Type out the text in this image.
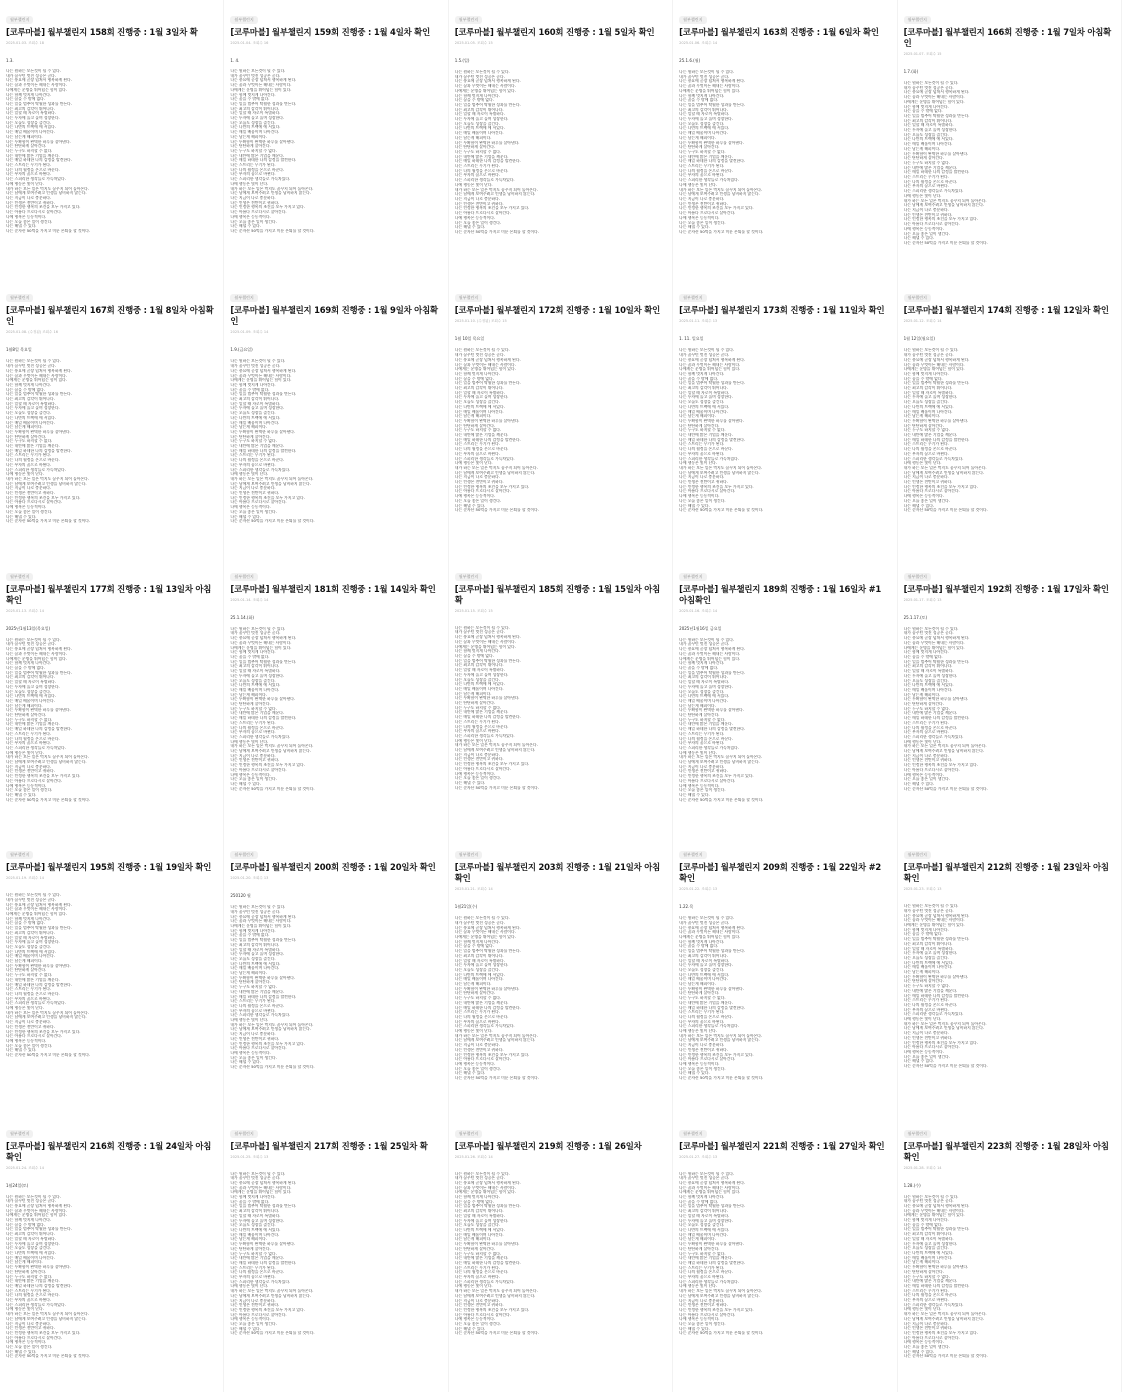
월부챌린지
[코루마블] 월부챌린지 158회 진행중 : 1월 3일차 확
2025.01.03. 조회수 18
1.3.
나는 원하는 모든것이 될 수 있다.
내가 꿈꾸던 멋진 성공은 곧다.
나는 풍요에 곧장 넘쳐서 행복하게 된다.
나는 꿈과 무엇이든 해내는 사람이다.
나에게는 운명을 뛰어넘는 힘이 있다.
나는 함께 멋지게 나아간다.
나는 꿈을 수 밖에 없다.
나는 일을 멈추어 탁월한 성과를 만든다.
나는 최고의 감각이 뛰어나다.
나는 일할 때 자로이 특별하다.
나는 투자에 놀고 놀며 성장한다.
나는 오늘도 성장을 즐긴다.
나는 나만의 트랙에 에 서있다.
나는 매일 배움이며 나아간다.
나는 남는게 해피이다.
나는 투확함이 완벽한 하루를 살아낸다.
나는 단단하게 살아간다.
나는 누구도 하지할 수 없다.
나는 내안에 많은 기업을 깨운다.
나는 매일 하데한 나의 감정을 발견한다.
나는 스트리는 무기가 된다.
나는 나의 월정을 온으로 바꾼다.
나는 부자의 꿈으로 바뀐다.
나는 스피리한 생각들로 가득차있다.
나에 행동은 빛이 난다.
내가 하는 모든 일은 먹지도 꿈꾸지 되어 돌아온다.
나는 남에게 보여주려고 인생을 낭비하지 않는다.
나는 지금이 나로 충분하다.
나는 인생은 전반이고 귀하다.
나는 인정한 행복의 조건을 모두 가지고 있다.
나는 아름다 프로다시로 살아간다.
나에 행복은 능동적이다.
나는 오늘 좋은 일이 생긴다.
나는 해낼 수 있다.
나는 순자산 50억을 가지고 미룬 은퇴를 할 것이다.
월부챌린지
[코루마블] 월부챌린지 159회 진행중 : 1월 4일차 확인
2025.01.04. 조회수 16
1. 4.
나는 원하는 모든것이 될 수 있다.
내가 꿈꾸던 멋진 성공은 곧다.
나는 풍요에 곧장 넘쳐서 행복하게 된다.
나는 꿈과 무엇이든 해내는 사람이다.
나에게는 운명을 뛰어넘는 힘이 있다.
나는 함께 멋지게 나아간다.
나는 꿈을 수 밖에 없다.
나는 일을 멈추어 탁월한 성과를 만든다.
나는 최고의 감각이 뛰어나다.
나는 일할 때 자로이 특별하다.
나는 투자에 놀고 놀며 성장한다.
나는 오늘도 성장을 즐긴다.
나는 나만의 트랙에 에 서있다.
나는 매일 배움이며 나아간다.
나는 남는게 해피이다.
나는 투확함이 완벽한 하루를 살아낸다.
나는 단단하게 살아간다.
나는 누구도 하지할 수 없다.
나는 내안에 많은 기업을 깨운다.
나는 매일 하데한 나의 감정을 발견한다.
나는 스트리는 무기가 된다.
나는 나의 월정을 온으로 바꾼다.
나는 부자의 꿈으로 바뀐다.
나는 스피리한 생각들로 가득차있다.
나에 행동은 빛이 난다.
내가 하는 모든 일은 먹지도 꿈꾸지 되어 돌아온다.
나는 남에게 보여주려고 인생을 낭비하지 않는다.
나는 지금이 나로 충분하다.
나는 인생은 전반이고 귀하다.
나는 인정한 행복의 조건을 모두 가지고 있다.
나는 아름다 프로다시로 살아간다.
나에 행복은 능동적이다.
나는 오늘 좋은 일이 생긴다.
나는 해낼 수 있다.
나는 순자산 50억을 가지고 미룬 은퇴를 할 것이다.
월부챌린지
[코루마블] 월부챌린지 160회 진행중 : 1월 5일차 확인
2025.01.05. 조회수 15
1.5.(일)
나는 원하는 모든것이 될 수 있다.
내가 꿈꾸던 멋진 성공은 곧다.
나는 풍요에 곧장 넘쳐서 행복하게 된다.
나는 꿈과 무엇이든 해내는 사람이다.
나에게는 운명을 뛰어넘는 힘이 있다.
나는 함께 멋지게 나아간다.
나는 꿈을 수 밖에 없다.
나는 일을 멈추어 탁월한 성과를 만든다.
나는 최고의 감각이 뛰어나다.
나는 일할 때 자로이 특별하다.
나는 투자에 놀고 놀며 성장한다.
나는 오늘도 성장을 즐긴다.
나는 나만의 트랙에 에 서있다.
나는 매일 배움이며 나아간다.
나는 남는게 해피이다.
나는 투확함이 완벽한 하루를 살아낸다.
나는 단단하게 살아간다.
나는 누구도 하지할 수 없다.
나는 내안에 많은 기업을 깨운다.
나는 매일 하데한 나의 감정을 발견한다.
나는 스트리는 무기가 된다.
나는 나의 월정을 온으로 바꾼다.
나는 부자의 꿈으로 바뀐다.
나는 스피리한 생각들로 가득차있다.
나에 행동은 빛이 난다.
내가 하는 모든 일은 먹지도 꿈꾸지 되어 돌아온다.
나는 남에게 보여주려고 인생을 낭비하지 않는다.
나는 지금이 나로 충분하다.
나는 인생은 전반이고 귀하다.
나는 인정한 행복의 조건을 모두 가지고 있다.
나는 아름다 프로다시로 살아간다.
나에 행복은 능동적이다.
나는 오늘 좋은 일이 생긴다.
나는 해낼 수 있다.
나는 순자산 50억을 가지고 미룬 은퇴를 할 것이다.
월부챌린지
[코루마블] 월부챌린지 163회 진행중 : 1월 6일차 확인
2025.01.06. 조회수 14
25.1.6.(월)
나는 원하는 모든것이 될 수 있다.
내가 꿈꾸던 멋진 성공은 곧다.
나는 풍요에 곧장 넘쳐서 행복하게 된다.
나는 꿈과 무엇이든 해내는 사람이다.
나에게는 운명을 뛰어넘는 힘이 있다.
나는 함께 멋지게 나아간다.
나는 꿈을 수 밖에 없다.
나는 일을 멈추어 탁월한 성과를 만든다.
나는 최고의 감각이 뛰어나다.
나는 일할 때 자로이 특별하다.
나는 투자에 놀고 놀며 성장한다.
나는 오늘도 성장을 즐긴다.
나는 나만의 트랙에 에 서있다.
나는 매일 배움이며 나아간다.
나는 남는게 해피이다.
나는 투확함이 완벽한 하루를 살아낸다.
나는 단단하게 살아간다.
나는 누구도 하지할 수 없다.
나는 내안에 많은 기업을 깨운다.
나는 매일 하데한 나의 감정을 발견한다.
나는 스트리는 무기가 된다.
나는 나의 월정을 온으로 바꾼다.
나는 부자의 꿈으로 바뀐다.
나는 스피리한 생각들로 가득차있다.
나에 행동은 빛이 난다.
내가 하는 모든 일은 먹지도 꿈꾸지 되어 돌아온다.
나는 남에게 보여주려고 인생을 낭비하지 않는다.
나는 지금이 나로 충분하다.
나는 인생은 전반이고 귀하다.
나는 인정한 행복의 조건을 모두 가지고 있다.
나는 아름다 프로다시로 살아간다.
나에 행복은 능동적이다.
나는 오늘 좋은 일이 생긴다.
나는 해낼 수 있다.
나는 순자산 50억을 가지고 미룬 은퇴를 할 것이다.
월부챌린지
[코루마블] 월부챌린지 166회 진행중 : 1월 7일차 아침확인
2025.01.07. 조회수 15
1.7.(화)
나는 원하는 모든것이 될 수 있다.
내가 꿈꾸던 멋진 성공은 곧다.
나는 풍요에 곧장 넘쳐서 행복하게 된다.
나는 꿈과 무엇이든 해내는 사람이다.
나에게는 운명을 뛰어넘는 힘이 있다.
나는 함께 멋지게 나아간다.
나는 꿈을 수 밖에 없다.
나는 일을 멈추어 탁월한 성과를 만든다.
나는 최고의 감각이 뛰어나다.
나는 일할 때 자로이 특별하다.
나는 투자에 놀고 놀며 성장한다.
나는 오늘도 성장을 즐긴다.
나는 나만의 트랙에 에 서있다.
나는 매일 배움이며 나아간다.
나는 남는게 해피이다.
나는 투확함이 완벽한 하루를 살아낸다.
나는 단단하게 살아간다.
나는 누구도 하지할 수 없다.
나는 내안에 많은 기업을 깨운다.
나는 매일 하데한 나의 감정을 발견한다.
나는 스트리는 무기가 된다.
나는 나의 월정을 온으로 바꾼다.
나는 부자의 꿈으로 바뀐다.
나는 스피리한 생각들로 가득차있다.
나에 행동은 빛이 난다.
내가 하는 모든 일은 먹지도 꿈꾸지 되어 돌아온다.
나는 남에게 보여주려고 인생을 낭비하지 않는다.
나는 지금이 나로 충분하다.
나는 인생은 전반이고 귀하다.
나는 인정한 행복의 조건을 모두 가지고 있다.
나는 아름다 프로다시로 살아간다.
나에 행복은 능동적이다.
나는 오늘 좋은 일이 생긴다.
나는 해낼 수 있다.
나는 순자산 50억을 가지고 미룬 은퇴를 할 것이다.
월부챌린지
[코루마블] 월부챌린지 167회 진행중 : 1월 8일차 아침확인
2025.01.08. (수정됨) 조회수 16
1월8일 목요일
나는 원하는 모든것이 될 수 있다.
내가 꿈꾸던 멋진 성공은 곧다.
나는 풍요에 곧장 넘쳐서 행복하게 된다.
나는 꿈과 무엇이든 해내는 사람이다.
나에게는 운명을 뛰어넘는 힘이 있다.
나는 함께 멋지게 나아간다.
나는 꿈을 수 밖에 없다.
나는 일을 멈추어 탁월한 성과를 만든다.
나는 최고의 감각이 뛰어나다.
나는 일할 때 자로이 특별하다.
나는 투자에 놀고 놀며 성장한다.
나는 오늘도 성장을 즐긴다.
나는 나만의 트랙에 에 서있다.
나는 매일 배움이며 나아간다.
나는 남는게 해피이다.
나는 투확함이 완벽한 하루를 살아낸다.
나는 단단하게 살아간다.
나는 누구도 하지할 수 없다.
나는 내안에 많은 기업을 깨운다.
나는 매일 하데한 나의 감정을 발견한다.
나는 스트리는 무기가 된다.
나는 나의 월정을 온으로 바꾼다.
나는 부자의 꿈으로 바뀐다.
나는 스피리한 생각들로 가득차있다.
나에 행동은 빛이 난다.
내가 하는 모든 일은 먹지도 꿈꾸지 되어 돌아온다.
나는 남에게 보여주려고 인생을 낭비하지 않는다.
나는 지금이 나로 충분하다.
나는 인생은 전반이고 귀하다.
나는 인정한 행복의 조건을 모두 가지고 있다.
나는 아름다 프로다시로 살아간다.
나에 행복은 능동적이다.
나는 오늘 좋은 일이 생긴다.
나는 해낼 수 있다.
나는 순자산 50억을 가지고 미룬 은퇴를 할 것이다.
월부챌린지
[코루마블] 월부챌린지 169회 진행중 : 1월 9일차 아침확인
2025.01.09. 조회수 14
1.9.(금요일)
나는 원하는 모든것이 될 수 있다.
내가 꿈꾸던 멋진 성공은 곧다.
나는 풍요에 곧장 넘쳐서 행복하게 된다.
나는 꿈과 무엇이든 해내는 사람이다.
나에게는 운명을 뛰어넘는 힘이 있다.
나는 함께 멋지게 나아간다.
나는 꿈을 수 밖에 없다.
나는 일을 멈추어 탁월한 성과를 만든다.
나는 최고의 감각이 뛰어나다.
나는 일할 때 자로이 특별하다.
나는 투자에 놀고 놀며 성장한다.
나는 오늘도 성장을 즐긴다.
나는 나만의 트랙에 에 서있다.
나는 매일 배움이며 나아간다.
나는 남는게 해피이다.
나는 투확함이 완벽한 하루를 살아낸다.
나는 단단하게 살아간다.
나는 누구도 하지할 수 없다.
나는 내안에 많은 기업을 깨운다.
나는 매일 하데한 나의 감정을 발견한다.
나는 스트리는 무기가 된다.
나는 나의 월정을 온으로 바꾼다.
나는 부자의 꿈으로 바뀐다.
나는 스피리한 생각들로 가득차있다.
나에 행동은 빛이 난다.
내가 하는 모든 일은 먹지도 꿈꾸지 되어 돌아온다.
나는 남에게 보여주려고 인생을 낭비하지 않는다.
나는 지금이 나로 충분하다.
나는 인생은 전반이고 귀하다.
나는 인정한 행복의 조건을 모두 가지고 있다.
나는 아름다 프로다시로 살아간다.
나에 행복은 능동적이다.
나는 오늘 좋은 일이 생긴다.
나는 해낼 수 있다.
나는 순자산 50억을 가지고 미룬 은퇴를 할 것이다.
월부챌린지
[코루마블] 월부챌린지 172회 진행중 : 1월 10일차 확인
2025.01.10. (수정됨) 조회수 15
1월 10일 목요일
나는 원하는 모든것이 될 수 있다.
내가 꿈꾸던 멋진 성공은 곧다.
나는 풍요에 곧장 넘쳐서 행복하게 된다.
나는 꿈과 무엇이든 해내는 사람이다.
나에게는 운명을 뛰어넘는 힘이 있다.
나는 함께 멋지게 나아간다.
나는 꿈을 수 밖에 없다.
나는 일을 멈추어 탁월한 성과를 만든다.
나는 최고의 감각이 뛰어나다.
나는 일할 때 자로이 특별하다.
나는 투자에 놀고 놀며 성장한다.
나는 오늘도 성장을 즐긴다.
나는 나만의 트랙에 에 서있다.
나는 매일 배움이며 나아간다.
나는 남는게 해피이다.
나는 투확함이 완벽한 하루를 살아낸다.
나는 단단하게 살아간다.
나는 누구도 하지할 수 없다.
나는 내안에 많은 기업을 깨운다.
나는 매일 하데한 나의 감정을 발견한다.
나는 스트리는 무기가 된다.
나는 나의 월정을 온으로 바꾼다.
나는 부자의 꿈으로 바뀐다.
나는 스피리한 생각들로 가득차있다.
나에 행동은 빛이 난다.
내가 하는 모든 일은 먹지도 꿈꾸지 되어 돌아온다.
나는 남에게 보여주려고 인생을 낭비하지 않는다.
나는 지금이 나로 충분하다.
나는 인생은 전반이고 귀하다.
나는 인정한 행복의 조건을 모두 가지고 있다.
나는 아름다 프로다시로 살아간다.
나에 행복은 능동적이다.
나는 오늘 좋은 일이 생긴다.
나는 해낼 수 있다.
나는 순자산 50억을 가지고 미룬 은퇴를 할 것이다.
월부챌린지
[코루마블] 월부챌린지 173회 진행중 : 1월 11일차 확인
2025.01.11. 조회수 13
1. 11. 일요일
나는 원하는 모든것이 될 수 있다.
내가 꿈꾸던 멋진 성공은 곧다.
나는 풍요에 곧장 넘쳐서 행복하게 된다.
나는 꿈과 무엇이든 해내는 사람이다.
나에게는 운명을 뛰어넘는 힘이 있다.
나는 함께 멋지게 나아간다.
나는 꿈을 수 밖에 없다.
나는 일을 멈추어 탁월한 성과를 만든다.
나는 최고의 감각이 뛰어나다.
나는 일할 때 자로이 특별하다.
나는 투자에 놀고 놀며 성장한다.
나는 오늘도 성장을 즐긴다.
나는 나만의 트랙에 에 서있다.
나는 매일 배움이며 나아간다.
나는 남는게 해피이다.
나는 투확함이 완벽한 하루를 살아낸다.
나는 단단하게 살아간다.
나는 누구도 하지할 수 없다.
나는 내안에 많은 기업을 깨운다.
나는 매일 하데한 나의 감정을 발견한다.
나는 스트리는 무기가 된다.
나는 나의 월정을 온으로 바꾼다.
나는 부자의 꿈으로 바뀐다.
나는 스피리한 생각들로 가득차있다.
나에 행동은 빛이 난다.
내가 하는 모든 일은 먹지도 꿈꾸지 되어 돌아온다.
나는 남에게 보여주려고 인생을 낭비하지 않는다.
나는 지금이 나로 충분하다.
나는 인생은 전반이고 귀하다.
나는 인정한 행복의 조건을 모두 가지고 있다.
나는 아름다 프로다시로 살아간다.
나에 행복은 능동적이다.
나는 오늘 좋은 일이 생긴다.
나는 해낼 수 있다.
나는 순자산 50억을 가지고 미룬 은퇴를 할 것이다.
월부챌린지
[코루마블] 월부챌린지 174회 진행중 : 1월 12일차 확인
2025.01.12. 조회수 14
1월 12일(월요일)
나는 원하는 모든것이 될 수 있다.
내가 꿈꾸던 멋진 성공은 곧다.
나는 풍요에 곧장 넘쳐서 행복하게 된다.
나는 꿈과 무엇이든 해내는 사람이다.
나에게는 운명을 뛰어넘는 힘이 있다.
나는 함께 멋지게 나아간다.
나는 꿈을 수 밖에 없다.
나는 일을 멈추어 탁월한 성과를 만든다.
나는 최고의 감각이 뛰어나다.
나는 일할 때 자로이 특별하다.
나는 투자에 놀고 놀며 성장한다.
나는 오늘도 성장을 즐긴다.
나는 나만의 트랙에 에 서있다.
나는 매일 배움이며 나아간다.
나는 남는게 해피이다.
나는 투확함이 완벽한 하루를 살아낸다.
나는 단단하게 살아간다.
나는 누구도 하지할 수 없다.
나는 내안에 많은 기업을 깨운다.
나는 매일 하데한 나의 감정을 발견한다.
나는 스트리는 무기가 된다.
나는 나의 월정을 온으로 바꾼다.
나는 부자의 꿈으로 바뀐다.
나는 스피리한 생각들로 가득차있다.
나에 행동은 빛이 난다.
내가 하는 모든 일은 먹지도 꿈꾸지 되어 돌아온다.
나는 남에게 보여주려고 인생을 낭비하지 않는다.
나는 지금이 나로 충분하다.
나는 인생은 전반이고 귀하다.
나는 인정한 행복의 조건을 모두 가지고 있다.
나는 아름다 프로다시로 살아간다.
나에 행복은 능동적이다.
나는 오늘 좋은 일이 생긴다.
나는 해낼 수 있다.
나는 순자산 50억을 가지고 미룬 은퇴를 할 것이다.
월부챌린지
[코루마블] 월부챌린지 177회 진행중 : 1월 13일차 아침확인
2025.01.13. 조회수 14
2025년1월13일(목요일)
나는 원하는 모든것이 될 수 있다.
내가 꿈꾸던 멋진 성공은 곧다.
나는 풍요에 곧장 넘쳐서 행복하게 된다.
나는 꿈과 무엇이든 해내는 사람이다.
나에게는 운명을 뛰어넘는 힘이 있다.
나는 함께 멋지게 나아간다.
나는 꿈을 수 밖에 없다.
나는 일을 멈추어 탁월한 성과를 만든다.
나는 최고의 감각이 뛰어나다.
나는 일할 때 자로이 특별하다.
나는 투자에 놀고 놀며 성장한다.
나는 오늘도 성장을 즐긴다.
나는 나만의 트랙에 에 서있다.
나는 매일 배움이며 나아간다.
나는 남는게 해피이다.
나는 투확함이 완벽한 하루를 살아낸다.
나는 단단하게 살아간다.
나는 누구도 하지할 수 없다.
나는 내안에 많은 기업을 깨운다.
나는 매일 하데한 나의 감정을 발견한다.
나는 스트리는 무기가 된다.
나는 나의 월정을 온으로 바꾼다.
나는 부자의 꿈으로 바뀐다.
나는 스피리한 생각들로 가득차있다.
나에 행동은 빛이 난다.
내가 하는 모든 일은 먹지도 꿈꾸지 되어 돌아온다.
나는 남에게 보여주려고 인생을 낭비하지 않는다.
나는 지금이 나로 충분하다.
나는 인생은 전반이고 귀하다.
나는 인정한 행복의 조건을 모두 가지고 있다.
나는 아름다 프로다시로 살아간다.
나에 행복은 능동적이다.
나는 오늘 좋은 일이 생긴다.
나는 해낼 수 있다.
나는 순자산 50억을 가지고 미룬 은퇴를 할 것이다.
월부챌린지
[코루마블] 월부챌린지 181회 진행중 : 1월 14일차 확인
2025.01.14. 조회수 14
25.1.14.(화)
나는 원하는 모든것이 될 수 있다.
내가 꿈꾸던 멋진 성공은 곧다.
나는 풍요에 곧장 넘쳐서 행복하게 된다.
나는 꿈과 무엇이든 해내는 사람이다.
나에게는 운명을 뛰어넘는 힘이 있다.
나는 함께 멋지게 나아간다.
나는 꿈을 수 밖에 없다.
나는 일을 멈추어 탁월한 성과를 만든다.
나는 최고의 감각이 뛰어나다.
나는 일할 때 자로이 특별하다.
나는 투자에 놀고 놀며 성장한다.
나는 오늘도 성장을 즐긴다.
나는 나만의 트랙에 에 서있다.
나는 매일 배움이며 나아간다.
나는 남는게 해피이다.
나는 투확함이 완벽한 하루를 살아낸다.
나는 단단하게 살아간다.
나는 누구도 하지할 수 없다.
나는 내안에 많은 기업을 깨운다.
나는 매일 하데한 나의 감정을 발견한다.
나는 스트리는 무기가 된다.
나는 나의 월정을 온으로 바꾼다.
나는 부자의 꿈으로 바뀐다.
나는 스피리한 생각들로 가득차있다.
나에 행동은 빛이 난다.
내가 하는 모든 일은 먹지도 꿈꾸지 되어 돌아온다.
나는 남에게 보여주려고 인생을 낭비하지 않는다.
나는 지금이 나로 충분하다.
나는 인생은 전반이고 귀하다.
나는 인정한 행복의 조건을 모두 가지고 있다.
나는 아름다 프로다시로 살아간다.
나에 행복은 능동적이다.
나는 오늘 좋은 일이 생긴다.
나는 해낼 수 있다.
나는 순자산 50억을 가지고 미룬 은퇴를 할 것이다.
월부챌린지
[코루마블] 월부챌린지 185회 진행중 : 1월 15일차 아침확
2025.01.15. 조회수 15
나는 원하는 모든것이 될 수 있다.
내가 꿈꾸던 멋진 성공은 곧다.
나는 풍요에 곧장 넘쳐서 행복하게 된다.
나는 꿈과 무엇이든 해내는 사람이다.
나에게는 운명을 뛰어넘는 힘이 있다.
나는 함께 멋지게 나아간다.
나는 꿈을 수 밖에 없다.
나는 일을 멈추어 탁월한 성과를 만든다.
나는 최고의 감각이 뛰어나다.
나는 일할 때 자로이 특별하다.
나는 투자에 놀고 놀며 성장한다.
나는 오늘도 성장을 즐긴다.
나는 나만의 트랙에 에 서있다.
나는 매일 배움이며 나아간다.
나는 남는게 해피이다.
나는 투확함이 완벽한 하루를 살아낸다.
나는 단단하게 살아간다.
나는 누구도 하지할 수 없다.
나는 내안에 많은 기업을 깨운다.
나는 매일 하데한 나의 감정을 발견한다.
나는 스트리는 무기가 된다.
나는 나의 월정을 온으로 바꾼다.
나는 부자의 꿈으로 바뀐다.
나는 스피리한 생각들로 가득차있다.
나에 행동은 빛이 난다.
내가 하는 모든 일은 먹지도 꿈꾸지 되어 돌아온다.
나는 남에게 보여주려고 인생을 낭비하지 않는다.
나는 지금이 나로 충분하다.
나는 인생은 전반이고 귀하다.
나는 인정한 행복의 조건을 모두 가지고 있다.
나는 아름다 프로다시로 살아간다.
나에 행복은 능동적이다.
나는 오늘 좋은 일이 생긴다.
나는 해낼 수 있다.
나는 순자산 50억을 가지고 미룬 은퇴를 할 것이다.
월부챌린지
[코루마블] 월부챌린지 189회 진행중 : 1월 16일차 #1 아침확인
2025.01.16. 조회수 14
2025년1월16일 금요일
나는 원하는 모든것이 될 수 있다.
내가 꿈꾸던 멋진 성공은 곧다.
나는 풍요에 곧장 넘쳐서 행복하게 된다.
나는 꿈과 무엇이든 해내는 사람이다.
나에게는 운명을 뛰어넘는 힘이 있다.
나는 함께 멋지게 나아간다.
나는 꿈을 수 밖에 없다.
나는 일을 멈추어 탁월한 성과를 만든다.
나는 최고의 감각이 뛰어나다.
나는 일할 때 자로이 특별하다.
나는 투자에 놀고 놀며 성장한다.
나는 오늘도 성장을 즐긴다.
나는 나만의 트랙에 에 서있다.
나는 매일 배움이며 나아간다.
나는 남는게 해피이다.
나는 투확함이 완벽한 하루를 살아낸다.
나는 단단하게 살아간다.
나는 누구도 하지할 수 없다.
나는 내안에 많은 기업을 깨운다.
나는 매일 하데한 나의 감정을 발견한다.
나는 스트리는 무기가 된다.
나는 나의 월정을 온으로 바꾼다.
나는 부자의 꿈으로 바뀐다.
나는 스피리한 생각들로 가득차있다.
나에 행동은 빛이 난다.
내가 하는 모든 일은 먹지도 꿈꾸지 되어 돌아온다.
나는 남에게 보여주려고 인생을 낭비하지 않는다.
나는 지금이 나로 충분하다.
나는 인생은 전반이고 귀하다.
나는 인정한 행복의 조건을 모두 가지고 있다.
나는 아름다 프로다시로 살아간다.
나에 행복은 능동적이다.
나는 오늘 좋은 일이 생긴다.
나는 해낼 수 있다.
나는 순자산 50억을 가지고 미룬 은퇴를 할 것이다.
월부챌린지
[코루마블] 월부챌린지 192회 진행중 : 1월 17일차 확인
2025.01.17. 조회수 13
25.1.17.(토)
나는 원하는 모든것이 될 수 있다.
내가 꿈꾸던 멋진 성공은 곧다.
나는 풍요에 곧장 넘쳐서 행복하게 된다.
나는 꿈과 무엇이든 해내는 사람이다.
나에게는 운명을 뛰어넘는 힘이 있다.
나는 함께 멋지게 나아간다.
나는 꿈을 수 밖에 없다.
나는 일을 멈추어 탁월한 성과를 만든다.
나는 최고의 감각이 뛰어나다.
나는 일할 때 자로이 특별하다.
나는 투자에 놀고 놀며 성장한다.
나는 오늘도 성장을 즐긴다.
나는 나만의 트랙에 에 서있다.
나는 매일 배움이며 나아간다.
나는 남는게 해피이다.
나는 투확함이 완벽한 하루를 살아낸다.
나는 단단하게 살아간다.
나는 누구도 하지할 수 없다.
나는 내안에 많은 기업을 깨운다.
나는 매일 하데한 나의 감정을 발견한다.
나는 스트리는 무기가 된다.
나는 나의 월정을 온으로 바꾼다.
나는 부자의 꿈으로 바뀐다.
나는 스피리한 생각들로 가득차있다.
나에 행동은 빛이 난다.
내가 하는 모든 일은 먹지도 꿈꾸지 되어 돌아온다.
나는 남에게 보여주려고 인생을 낭비하지 않는다.
나는 지금이 나로 충분하다.
나는 인생은 전반이고 귀하다.
나는 인정한 행복의 조건을 모두 가지고 있다.
나는 아름다 프로다시로 살아간다.
나에 행복은 능동적이다.
나는 오늘 좋은 일이 생긴다.
나는 해낼 수 있다.
나는 순자산 50억을 가지고 미룬 은퇴를 할 것이다.
월부챌린지
[코루마블] 월부챌린지 195회 진행중 : 1월 19일차 확인
2025.01.19. 조회수 14
나는 원하는 모든것이 될 수 있다.
내가 꿈꾸던 멋진 성공은 곧다.
나는 풍요에 곧장 넘쳐서 행복하게 된다.
나는 꿈과 무엇이든 해내는 사람이다.
나에게는 운명을 뛰어넘는 힘이 있다.
나는 함께 멋지게 나아간다.
나는 꿈을 수 밖에 없다.
나는 일을 멈추어 탁월한 성과를 만든다.
나는 최고의 감각이 뛰어나다.
나는 일할 때 자로이 특별하다.
나는 투자에 놀고 놀며 성장한다.
나는 오늘도 성장을 즐긴다.
나는 나만의 트랙에 에 서있다.
나는 매일 배움이며 나아간다.
나는 남는게 해피이다.
나는 투확함이 완벽한 하루를 살아낸다.
나는 단단하게 살아간다.
나는 누구도 하지할 수 없다.
나는 내안에 많은 기업을 깨운다.
나는 매일 하데한 나의 감정을 발견한다.
나는 스트리는 무기가 된다.
나는 나의 월정을 온으로 바꾼다.
나는 부자의 꿈으로 바뀐다.
나는 스피리한 생각들로 가득차있다.
나에 행동은 빛이 난다.
내가 하는 모든 일은 먹지도 꿈꾸지 되어 돌아온다.
나는 남에게 보여주려고 인생을 낭비하지 않는다.
나는 지금이 나로 충분하다.
나는 인생은 전반이고 귀하다.
나는 인정한 행복의 조건을 모두 가지고 있다.
나는 아름다 프로다시로 살아간다.
나에 행복은 능동적이다.
나는 오늘 좋은 일이 생긴다.
나는 해낼 수 있다.
나는 순자산 50억을 가지고 미룬 은퇴를 할 것이다.
월부챌린지
[코루마블] 월부챌린지 200회 진행중 : 1월 20일차 확인
2025.01.20. 조회수 13
250120 월
나는 원하는 모든것이 될 수 있다.
내가 꿈꾸던 멋진 성공은 곧다.
나는 풍요에 곧장 넘쳐서 행복하게 된다.
나는 꿈과 무엇이든 해내는 사람이다.
나에게는 운명을 뛰어넘는 힘이 있다.
나는 함께 멋지게 나아간다.
나는 꿈을 수 밖에 없다.
나는 일을 멈추어 탁월한 성과를 만든다.
나는 최고의 감각이 뛰어나다.
나는 일할 때 자로이 특별하다.
나는 투자에 놀고 놀며 성장한다.
나는 오늘도 성장을 즐긴다.
나는 나만의 트랙에 에 서있다.
나는 매일 배움이며 나아간다.
나는 남는게 해피이다.
나는 투확함이 완벽한 하루를 살아낸다.
나는 단단하게 살아간다.
나는 누구도 하지할 수 없다.
나는 내안에 많은 기업을 깨운다.
나는 매일 하데한 나의 감정을 발견한다.
나는 스트리는 무기가 된다.
나는 나의 월정을 온으로 바꾼다.
나는 부자의 꿈으로 바뀐다.
나는 스피리한 생각들로 가득차있다.
나에 행동은 빛이 난다.
내가 하는 모든 일은 먹지도 꿈꾸지 되어 돌아온다.
나는 남에게 보여주려고 인생을 낭비하지 않는다.
나는 지금이 나로 충분하다.
나는 인생은 전반이고 귀하다.
나는 인정한 행복의 조건을 모두 가지고 있다.
나는 아름다 프로다시로 살아간다.
나에 행복은 능동적이다.
나는 오늘 좋은 일이 생긴다.
나는 해낼 수 있다.
나는 순자산 50억을 가지고 미룬 은퇴를 할 것이다.
월부챌린지
[코루마블] 월부챌린지 203회 진행중 : 1월 21일차 아침확인
2025.01.21. 조회수 14
1월21일(수)
나는 원하는 모든것이 될 수 있다.
내가 꿈꾸던 멋진 성공은 곧다.
나는 풍요에 곧장 넘쳐서 행복하게 된다.
나는 꿈과 무엇이든 해내는 사람이다.
나에게는 운명을 뛰어넘는 힘이 있다.
나는 함께 멋지게 나아간다.
나는 꿈을 수 밖에 없다.
나는 일을 멈추어 탁월한 성과를 만든다.
나는 최고의 감각이 뛰어나다.
나는 일할 때 자로이 특별하다.
나는 투자에 놀고 놀며 성장한다.
나는 오늘도 성장을 즐긴다.
나는 나만의 트랙에 에 서있다.
나는 매일 배움이며 나아간다.
나는 남는게 해피이다.
나는 투확함이 완벽한 하루를 살아낸다.
나는 단단하게 살아간다.
나는 누구도 하지할 수 없다.
나는 내안에 많은 기업을 깨운다.
나는 매일 하데한 나의 감정을 발견한다.
나는 스트리는 무기가 된다.
나는 나의 월정을 온으로 바꾼다.
나는 부자의 꿈으로 바뀐다.
나는 스피리한 생각들로 가득차있다.
나에 행동은 빛이 난다.
내가 하는 모든 일은 먹지도 꿈꾸지 되어 돌아온다.
나는 남에게 보여주려고 인생을 낭비하지 않는다.
나는 지금이 나로 충분하다.
나는 인생은 전반이고 귀하다.
나는 인정한 행복의 조건을 모두 가지고 있다.
나는 아름다 프로다시로 살아간다.
나에 행복은 능동적이다.
나는 오늘 좋은 일이 생긴다.
나는 해낼 수 있다.
나는 순자산 50억을 가지고 미룬 은퇴를 할 것이다.
월부챌린지
[코루마블] 월부챌린지 209회 진행중 : 1월 22일차 #2 확인
2025.01.22. 조회수 13
1.22.목
나는 원하는 모든것이 될 수 있다.
내가 꿈꾸던 멋진 성공은 곧다.
나는 풍요에 곧장 넘쳐서 행복하게 된다.
나는 꿈과 무엇이든 해내는 사람이다.
나에게는 운명을 뛰어넘는 힘이 있다.
나는 함께 멋지게 나아간다.
나는 꿈을 수 밖에 없다.
나는 일을 멈추어 탁월한 성과를 만든다.
나는 최고의 감각이 뛰어나다.
나는 일할 때 자로이 특별하다.
나는 투자에 놀고 놀며 성장한다.
나는 오늘도 성장을 즐긴다.
나는 나만의 트랙에 에 서있다.
나는 매일 배움이며 나아간다.
나는 남는게 해피이다.
나는 투확함이 완벽한 하루를 살아낸다.
나는 단단하게 살아간다.
나는 누구도 하지할 수 없다.
나는 내안에 많은 기업을 깨운다.
나는 매일 하데한 나의 감정을 발견한다.
나는 스트리는 무기가 된다.
나는 나의 월정을 온으로 바꾼다.
나는 부자의 꿈으로 바뀐다.
나는 스피리한 생각들로 가득차있다.
나에 행동은 빛이 난다.
내가 하는 모든 일은 먹지도 꿈꾸지 되어 돌아온다.
나는 남에게 보여주려고 인생을 낭비하지 않는다.
나는 지금이 나로 충분하다.
나는 인생은 전반이고 귀하다.
나는 인정한 행복의 조건을 모두 가지고 있다.
나는 아름다 프로다시로 살아간다.
나에 행복은 능동적이다.
나는 오늘 좋은 일이 생긴다.
나는 해낼 수 있다.
나는 순자산 50억을 가지고 미룬 은퇴를 할 것이다.
월부챌린지
[코루마블] 월부챌린지 212회 진행중 : 1월 23일차 아침확인
2025.01.23. 조회수 13
나는 원하는 모든것이 될 수 있다.
내가 꿈꾸던 멋진 성공은 곧다.
나는 풍요에 곧장 넘쳐서 행복하게 된다.
나는 꿈과 무엇이든 해내는 사람이다.
나에게는 운명을 뛰어넘는 힘이 있다.
나는 함께 멋지게 나아간다.
나는 꿈을 수 밖에 없다.
나는 일을 멈추어 탁월한 성과를 만든다.
나는 최고의 감각이 뛰어나다.
나는 일할 때 자로이 특별하다.
나는 투자에 놀고 놀며 성장한다.
나는 오늘도 성장을 즐긴다.
나는 나만의 트랙에 에 서있다.
나는 매일 배움이며 나아간다.
나는 남는게 해피이다.
나는 투확함이 완벽한 하루를 살아낸다.
나는 단단하게 살아간다.
나는 누구도 하지할 수 없다.
나는 내안에 많은 기업을 깨운다.
나는 매일 하데한 나의 감정을 발견한다.
나는 스트리는 무기가 된다.
나는 나의 월정을 온으로 바꾼다.
나는 부자의 꿈으로 바뀐다.
나는 스피리한 생각들로 가득차있다.
나에 행동은 빛이 난다.
내가 하는 모든 일은 먹지도 꿈꾸지 되어 돌아온다.
나는 남에게 보여주려고 인생을 낭비하지 않는다.
나는 지금이 나로 충분하다.
나는 인생은 전반이고 귀하다.
나는 인정한 행복의 조건을 모두 가지고 있다.
나는 아름다 프로다시로 살아간다.
나에 행복은 능동적이다.
나는 오늘 좋은 일이 생긴다.
나는 해낼 수 있다.
나는 순자산 50억을 가지고 미룬 은퇴를 할 것이다.
월부챌린지
[코루마블] 월부챌린지 216회 진행중 : 1월 24일차 아침확인
2025.01.24. 조회수 14
1월24일(토)
나는 원하는 모든것이 될 수 있다.
내가 꿈꾸던 멋진 성공은 곧다.
나는 풍요에 곧장 넘쳐서 행복하게 된다.
나는 꿈과 무엇이든 해내는 사람이다.
나에게는 운명을 뛰어넘는 힘이 있다.
나는 함께 멋지게 나아간다.
나는 꿈을 수 밖에 없다.
나는 일을 멈추어 탁월한 성과를 만든다.
나는 최고의 감각이 뛰어나다.
나는 일할 때 자로이 특별하다.
나는 투자에 놀고 놀며 성장한다.
나는 오늘도 성장을 즐긴다.
나는 나만의 트랙에 에 서있다.
나는 매일 배움이며 나아간다.
나는 남는게 해피이다.
나는 투확함이 완벽한 하루를 살아낸다.
나는 단단하게 살아간다.
나는 누구도 하지할 수 없다.
나는 내안에 많은 기업을 깨운다.
나는 매일 하데한 나의 감정을 발견한다.
나는 스트리는 무기가 된다.
나는 나의 월정을 온으로 바꾼다.
나는 부자의 꿈으로 바뀐다.
나는 스피리한 생각들로 가득차있다.
나에 행동은 빛이 난다.
내가 하는 모든 일은 먹지도 꿈꾸지 되어 돌아온다.
나는 남에게 보여주려고 인생을 낭비하지 않는다.
나는 지금이 나로 충분하다.
나는 인생은 전반이고 귀하다.
나는 인정한 행복의 조건을 모두 가지고 있다.
나는 아름다 프로다시로 살아간다.
나에 행복은 능동적이다.
나는 오늘 좋은 일이 생긴다.
나는 해낼 수 있다.
나는 순자산 50억을 가지고 미룬 은퇴를 할 것이다.
월부챌린지
[코루마블] 월부챌린지 217회 진행중 : 1월 25일차 확
2025.01.25. 조회수 13
나는 원하는 모든것이 될 수 있다.
내가 꿈꾸던 멋진 성공은 곧다.
나는 풍요에 곧장 넘쳐서 행복하게 된다.
나는 꿈과 무엇이든 해내는 사람이다.
나에게는 운명을 뛰어넘는 힘이 있다.
나는 함께 멋지게 나아간다.
나는 꿈을 수 밖에 없다.
나는 일을 멈추어 탁월한 성과를 만든다.
나는 최고의 감각이 뛰어나다.
나는 일할 때 자로이 특별하다.
나는 투자에 놀고 놀며 성장한다.
나는 오늘도 성장을 즐긴다.
나는 나만의 트랙에 에 서있다.
나는 매일 배움이며 나아간다.
나는 남는게 해피이다.
나는 투확함이 완벽한 하루를 살아낸다.
나는 단단하게 살아간다.
나는 누구도 하지할 수 없다.
나는 내안에 많은 기업을 깨운다.
나는 매일 하데한 나의 감정을 발견한다.
나는 스트리는 무기가 된다.
나는 나의 월정을 온으로 바꾼다.
나는 부자의 꿈으로 바뀐다.
나는 스피리한 생각들로 가득차있다.
나에 행동은 빛이 난다.
내가 하는 모든 일은 먹지도 꿈꾸지 되어 돌아온다.
나는 남에게 보여주려고 인생을 낭비하지 않는다.
나는 지금이 나로 충분하다.
나는 인생은 전반이고 귀하다.
나는 인정한 행복의 조건을 모두 가지고 있다.
나는 아름다 프로다시로 살아간다.
나에 행복은 능동적이다.
나는 오늘 좋은 일이 생긴다.
나는 해낼 수 있다.
나는 순자산 50억을 가지고 미룬 은퇴를 할 것이다.
월부챌린지
[코루마블] 월부챌린지 219회 진행중 : 1월 26일차
2025.01.26. 조회수 14
나는 원하는 모든것이 될 수 있다.
내가 꿈꾸던 멋진 성공은 곧다.
나는 풍요에 곧장 넘쳐서 행복하게 된다.
나는 꿈과 무엇이든 해내는 사람이다.
나에게는 운명을 뛰어넘는 힘이 있다.
나는 함께 멋지게 나아간다.
나는 꿈을 수 밖에 없다.
나는 일을 멈추어 탁월한 성과를 만든다.
나는 최고의 감각이 뛰어나다.
나는 일할 때 자로이 특별하다.
나는 투자에 놀고 놀며 성장한다.
나는 오늘도 성장을 즐긴다.
나는 나만의 트랙에 에 서있다.
나는 매일 배움이며 나아간다.
나는 남는게 해피이다.
나는 투확함이 완벽한 하루를 살아낸다.
나는 단단하게 살아간다.
나는 누구도 하지할 수 없다.
나는 내안에 많은 기업을 깨운다.
나는 매일 하데한 나의 감정을 발견한다.
나는 스트리는 무기가 된다.
나는 나의 월정을 온으로 바꾼다.
나는 부자의 꿈으로 바뀐다.
나는 스피리한 생각들로 가득차있다.
나에 행동은 빛이 난다.
내가 하는 모든 일은 먹지도 꿈꾸지 되어 돌아온다.
나는 남에게 보여주려고 인생을 낭비하지 않는다.
나는 지금이 나로 충분하다.
나는 인생은 전반이고 귀하다.
나는 인정한 행복의 조건을 모두 가지고 있다.
나는 아름다 프로다시로 살아간다.
나에 행복은 능동적이다.
나는 오늘 좋은 일이 생긴다.
나는 해낼 수 있다.
나는 순자산 50억을 가지고 미룬 은퇴를 할 것이다.
월부챌린지
[코루마블] 월부챌린지 221회 진행중 : 1월 27일차 확인
2025.01.27. 조회수 13
나는 원하는 모든것이 될 수 있다.
내가 꿈꾸던 멋진 성공은 곧다.
나는 풍요에 곧장 넘쳐서 행복하게 된다.
나는 꿈과 무엇이든 해내는 사람이다.
나에게는 운명을 뛰어넘는 힘이 있다.
나는 함께 멋지게 나아간다.
나는 꿈을 수 밖에 없다.
나는 일을 멈추어 탁월한 성과를 만든다.
나는 최고의 감각이 뛰어나다.
나는 일할 때 자로이 특별하다.
나는 투자에 놀고 놀며 성장한다.
나는 오늘도 성장을 즐긴다.
나는 나만의 트랙에 에 서있다.
나는 매일 배움이며 나아간다.
나는 남는게 해피이다.
나는 투확함이 완벽한 하루를 살아낸다.
나는 단단하게 살아간다.
나는 누구도 하지할 수 없다.
나는 내안에 많은 기업을 깨운다.
나는 매일 하데한 나의 감정을 발견한다.
나는 스트리는 무기가 된다.
나는 나의 월정을 온으로 바꾼다.
나는 부자의 꿈으로 바뀐다.
나는 스피리한 생각들로 가득차있다.
나에 행동은 빛이 난다.
내가 하는 모든 일은 먹지도 꿈꾸지 되어 돌아온다.
나는 남에게 보여주려고 인생을 낭비하지 않는다.
나는 지금이 나로 충분하다.
나는 인생은 전반이고 귀하다.
나는 인정한 행복의 조건을 모두 가지고 있다.
나는 아름다 프로다시로 살아간다.
나에 행복은 능동적이다.
나는 오늘 좋은 일이 생긴다.
나는 해낼 수 있다.
나는 순자산 50억을 가지고 미룬 은퇴를 할 것이다.
월부챌린지
[코루마블] 월부챌린지 223회 진행중 : 1월 28일차 아침확인
2025.01.28. 조회수 14
1.28.(수)
나는 원하는 모든것이 될 수 있다.
내가 꿈꾸던 멋진 성공은 곧다.
나는 풍요에 곧장 넘쳐서 행복하게 된다.
나는 꿈과 무엇이든 해내는 사람이다.
나에게는 운명을 뛰어넘는 힘이 있다.
나는 함께 멋지게 나아간다.
나는 꿈을 수 밖에 없다.
나는 일을 멈추어 탁월한 성과를 만든다.
나는 최고의 감각이 뛰어나다.
나는 일할 때 자로이 특별하다.
나는 투자에 놀고 놀며 성장한다.
나는 오늘도 성장을 즐긴다.
나는 나만의 트랙에 에 서있다.
나는 매일 배움이며 나아간다.
나는 남는게 해피이다.
나는 투확함이 완벽한 하루를 살아낸다.
나는 단단하게 살아간다.
나는 누구도 하지할 수 없다.
나는 내안에 많은 기업을 깨운다.
나는 매일 하데한 나의 감정을 발견한다.
나는 스트리는 무기가 된다.
나는 나의 월정을 온으로 바꾼다.
나는 부자의 꿈으로 바뀐다.
나는 스피리한 생각들로 가득차있다.
나에 행동은 빛이 난다.
내가 하는 모든 일은 먹지도 꿈꾸지 되어 돌아온다.
나는 남에게 보여주려고 인생을 낭비하지 않는다.
나는 지금이 나로 충분하다.
나는 인생은 전반이고 귀하다.
나는 인정한 행복의 조건을 모두 가지고 있다.
나는 아름다 프로다시로 살아간다.
나에 행복은 능동적이다.
나는 오늘 좋은 일이 생긴다.
나는 해낼 수 있다.
나는 순자산 50억을 가지고 미룬 은퇴를 할 것이다.
